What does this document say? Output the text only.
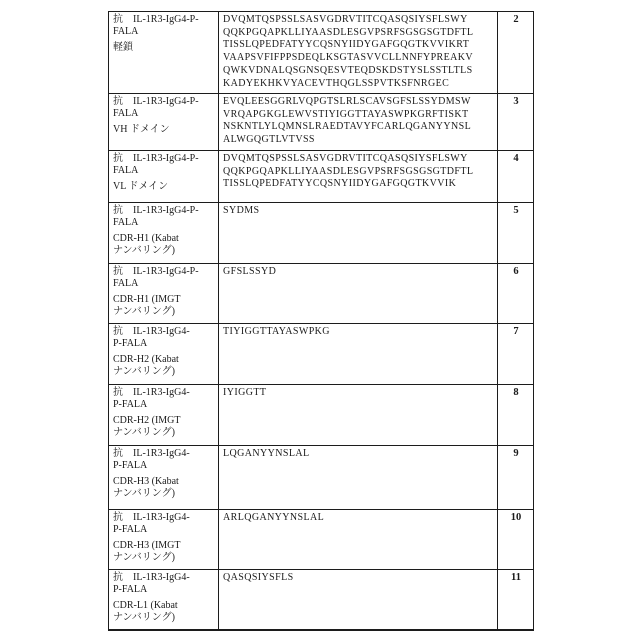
抗　IL-1R3-IgG4-P-
FALA
軽鎖
	DVQMTQSPSSLSASVGDRVTITCQASQSIYSFLSWY
QQKPGQAPKLLIYAASDLESGVPSRFSGSGSGTDFTL
TISSLQPEDFATYYCQSNYIIDYGAFGQGTKVVIKRT
VAAPSVFIFPPSDEQLKSGTASVVCLLNNFYPREAKV
QWKVDNALQSGNSQESVTEQDSKDSTYSLSSTLTLS
KADYEKHKVYACEVTHQGLSSPVTKSFNRGEC	2

抗　IL-1R3-IgG4-P-
FALA
VH ドメイン
	EVQLEESGGRLVQPGTSLRLSCAVSGFSLSSYDMSW
VRQAPGKGLEWVSTIYIGGTTAYASWPKGRFTISKT
NSKNTLYLQMNSLRAEDTAVYFCARLQGANYYNSL
ALWGQGTLVTVSS	3

抗　IL-1R3-IgG4-P-
FALA
VL ドメイン
	DVQMTQSPSSLSASVGDRVTITCQASQSIYSFLSWY
QQKPGQAPKLLIYAASDLESGVPSRFSGSGSGTDFTL
TISSLQPEDFATYYCQSNYIIDYGAFGQGTKVVIK	4

抗　IL-1R3-IgG4-P-
FALA
CDR-H1 (Kabat
ナンバリング)	SYDMS	5

抗　IL-1R3-IgG4-P-
FALA
CDR-H1 (IMGT
ナンバリング)	GFSLSSYD	6

抗　IL-1R3-IgG4-
P-FALA
CDR-H2 (Kabat
ナンバリング)	TIYIGGTTAYASWPKG	7

抗　IL-1R3-IgG4-
P-FALA
CDR-H2 (IMGT
ナンバリング)	IYIGGTT	8

抗　IL-1R3-IgG4-
P-FALA
CDR-H3 (Kabat
ナンバリング)	LQGANYYNSLAL	9

抗　IL-1R3-IgG4-
P-FALA
CDR-H3 (IMGT
ナンバリング)	ARLQGANYYNSLAL	10

抗　IL-1R3-IgG4-
P-FALA
CDR-L1 (Kabat
ナンバリング)	QASQSIYSFLS	11
